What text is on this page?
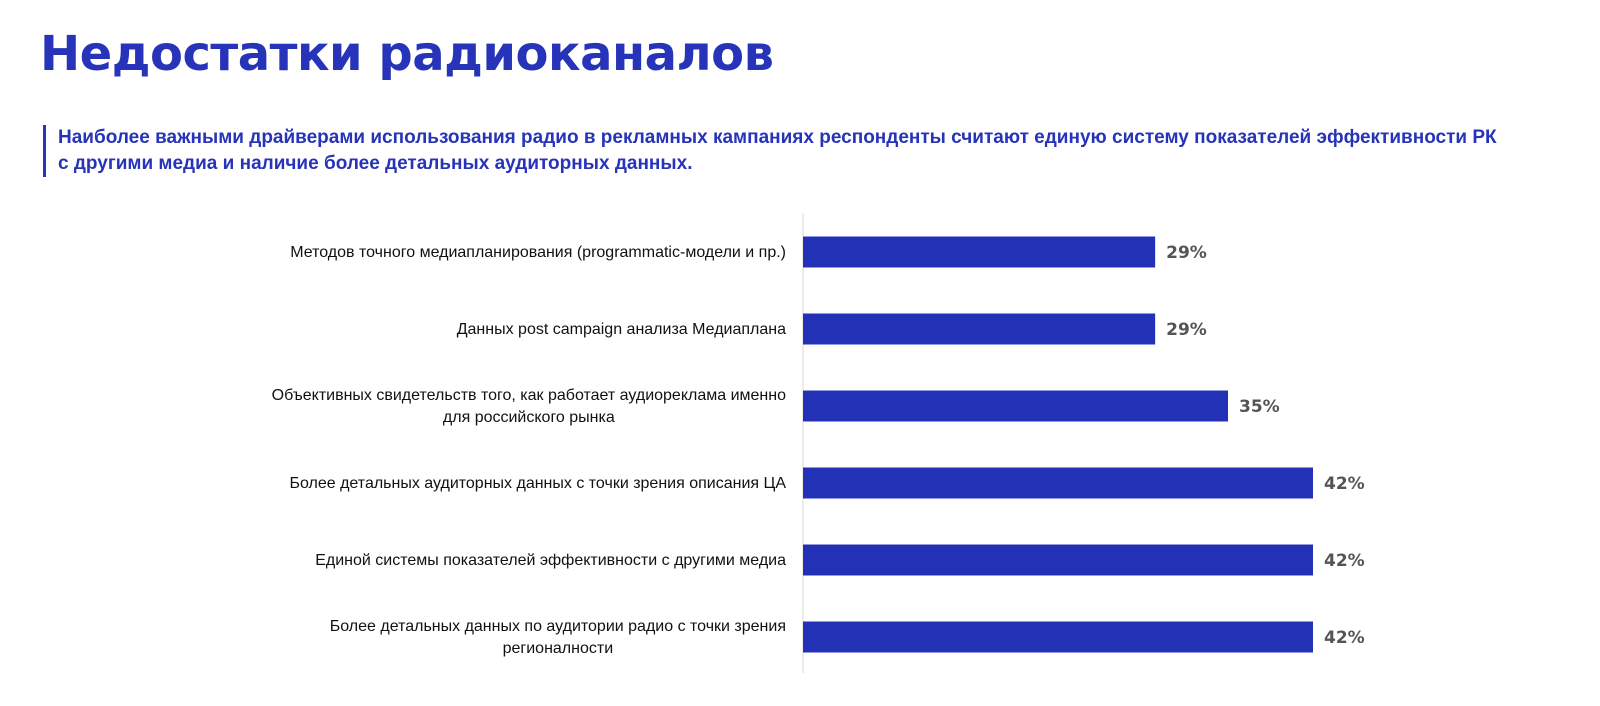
Недостатки радиоканалов

Наиболее важными драйверами использования радио в рекламных кампаниях респонденты считают единую систему показателей эффективности РК с другими медиа и наличие более детальных аудиторных данных.

29%
Методов точного медиапланирования (programmatic-модели и пр.)
29%
Данных post campaign анализа Медиаплана
35%
Объективных свидетельств того, как работает аудиореклама именно для российского рынка
42%
Более детальных аудиторных данных с точки зрения описания ЦА
42%
Единой системы показателей эффективности с другими медиа
42%
Более детальных данных по аудитории радио с точки зрения регионалности
